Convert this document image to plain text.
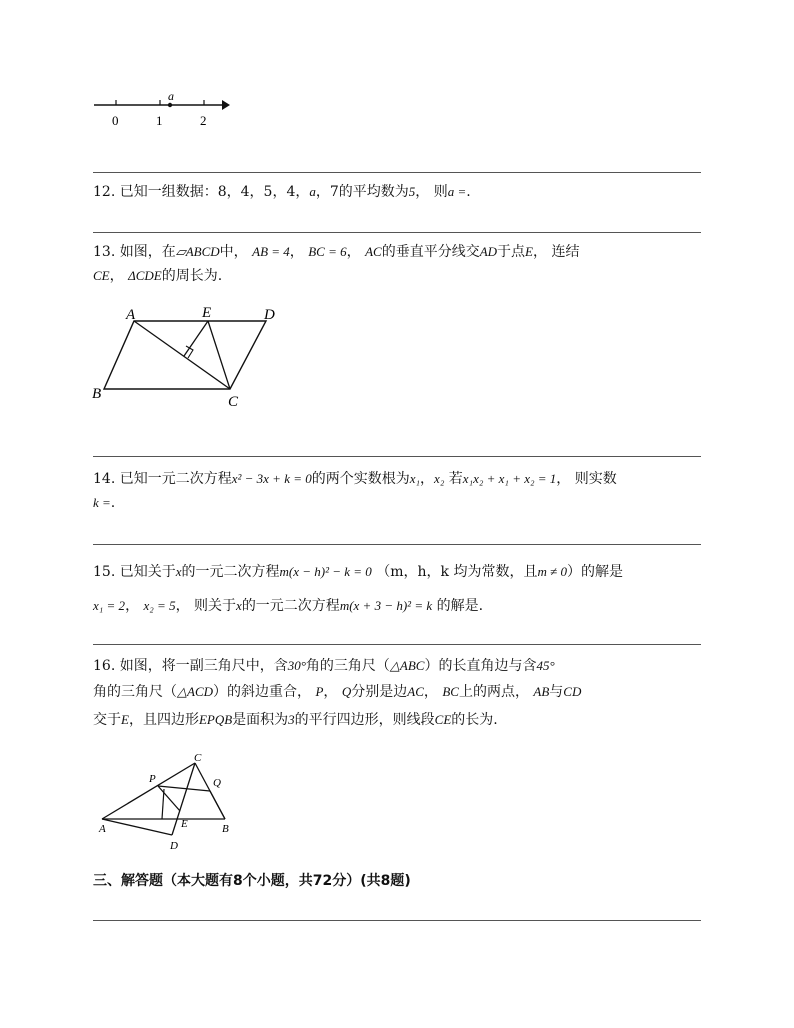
a
0	1	2
12. 已知一组数据：8，4，5，4，a，7的平均数为5， 则a =.
13. 如图，在▱ABCD中， AB = 4， BC = 6， AC的垂直平分线交AD于点E， 连结
CE， ΔCDE的周长为.
A	E	D
B	C
14. 已知一元二次方程x² − 3x + k = 0的两个实数根为x₁，x₂ 若x₁x₂ + x₁ + x₂ = 1， 则实数
k =.
15. 已知关于x的一元二次方程m(x − h)² − k = 0 （m，h，k 均为常数，且m ≠ 0）的解是
x₁ = 2， x₂ = 5， 则关于x的一元二次方程m(x + 3 − h)² = k 的解是.
16. 如图，将一副三角尺中，含30°角的三角尺（△ABC）的长直角边与含45°
角的三角尺（△ACD）的斜边重合， P， Q分别是边AC， BC上的两点， AB与CD
交于E，且四边形EPQB是面积为3的平行四边形，则线段CE的长为.
C
P	Q
A	E	B
D
三、解答题（本大题有8个小题，共72分）(共8题)
